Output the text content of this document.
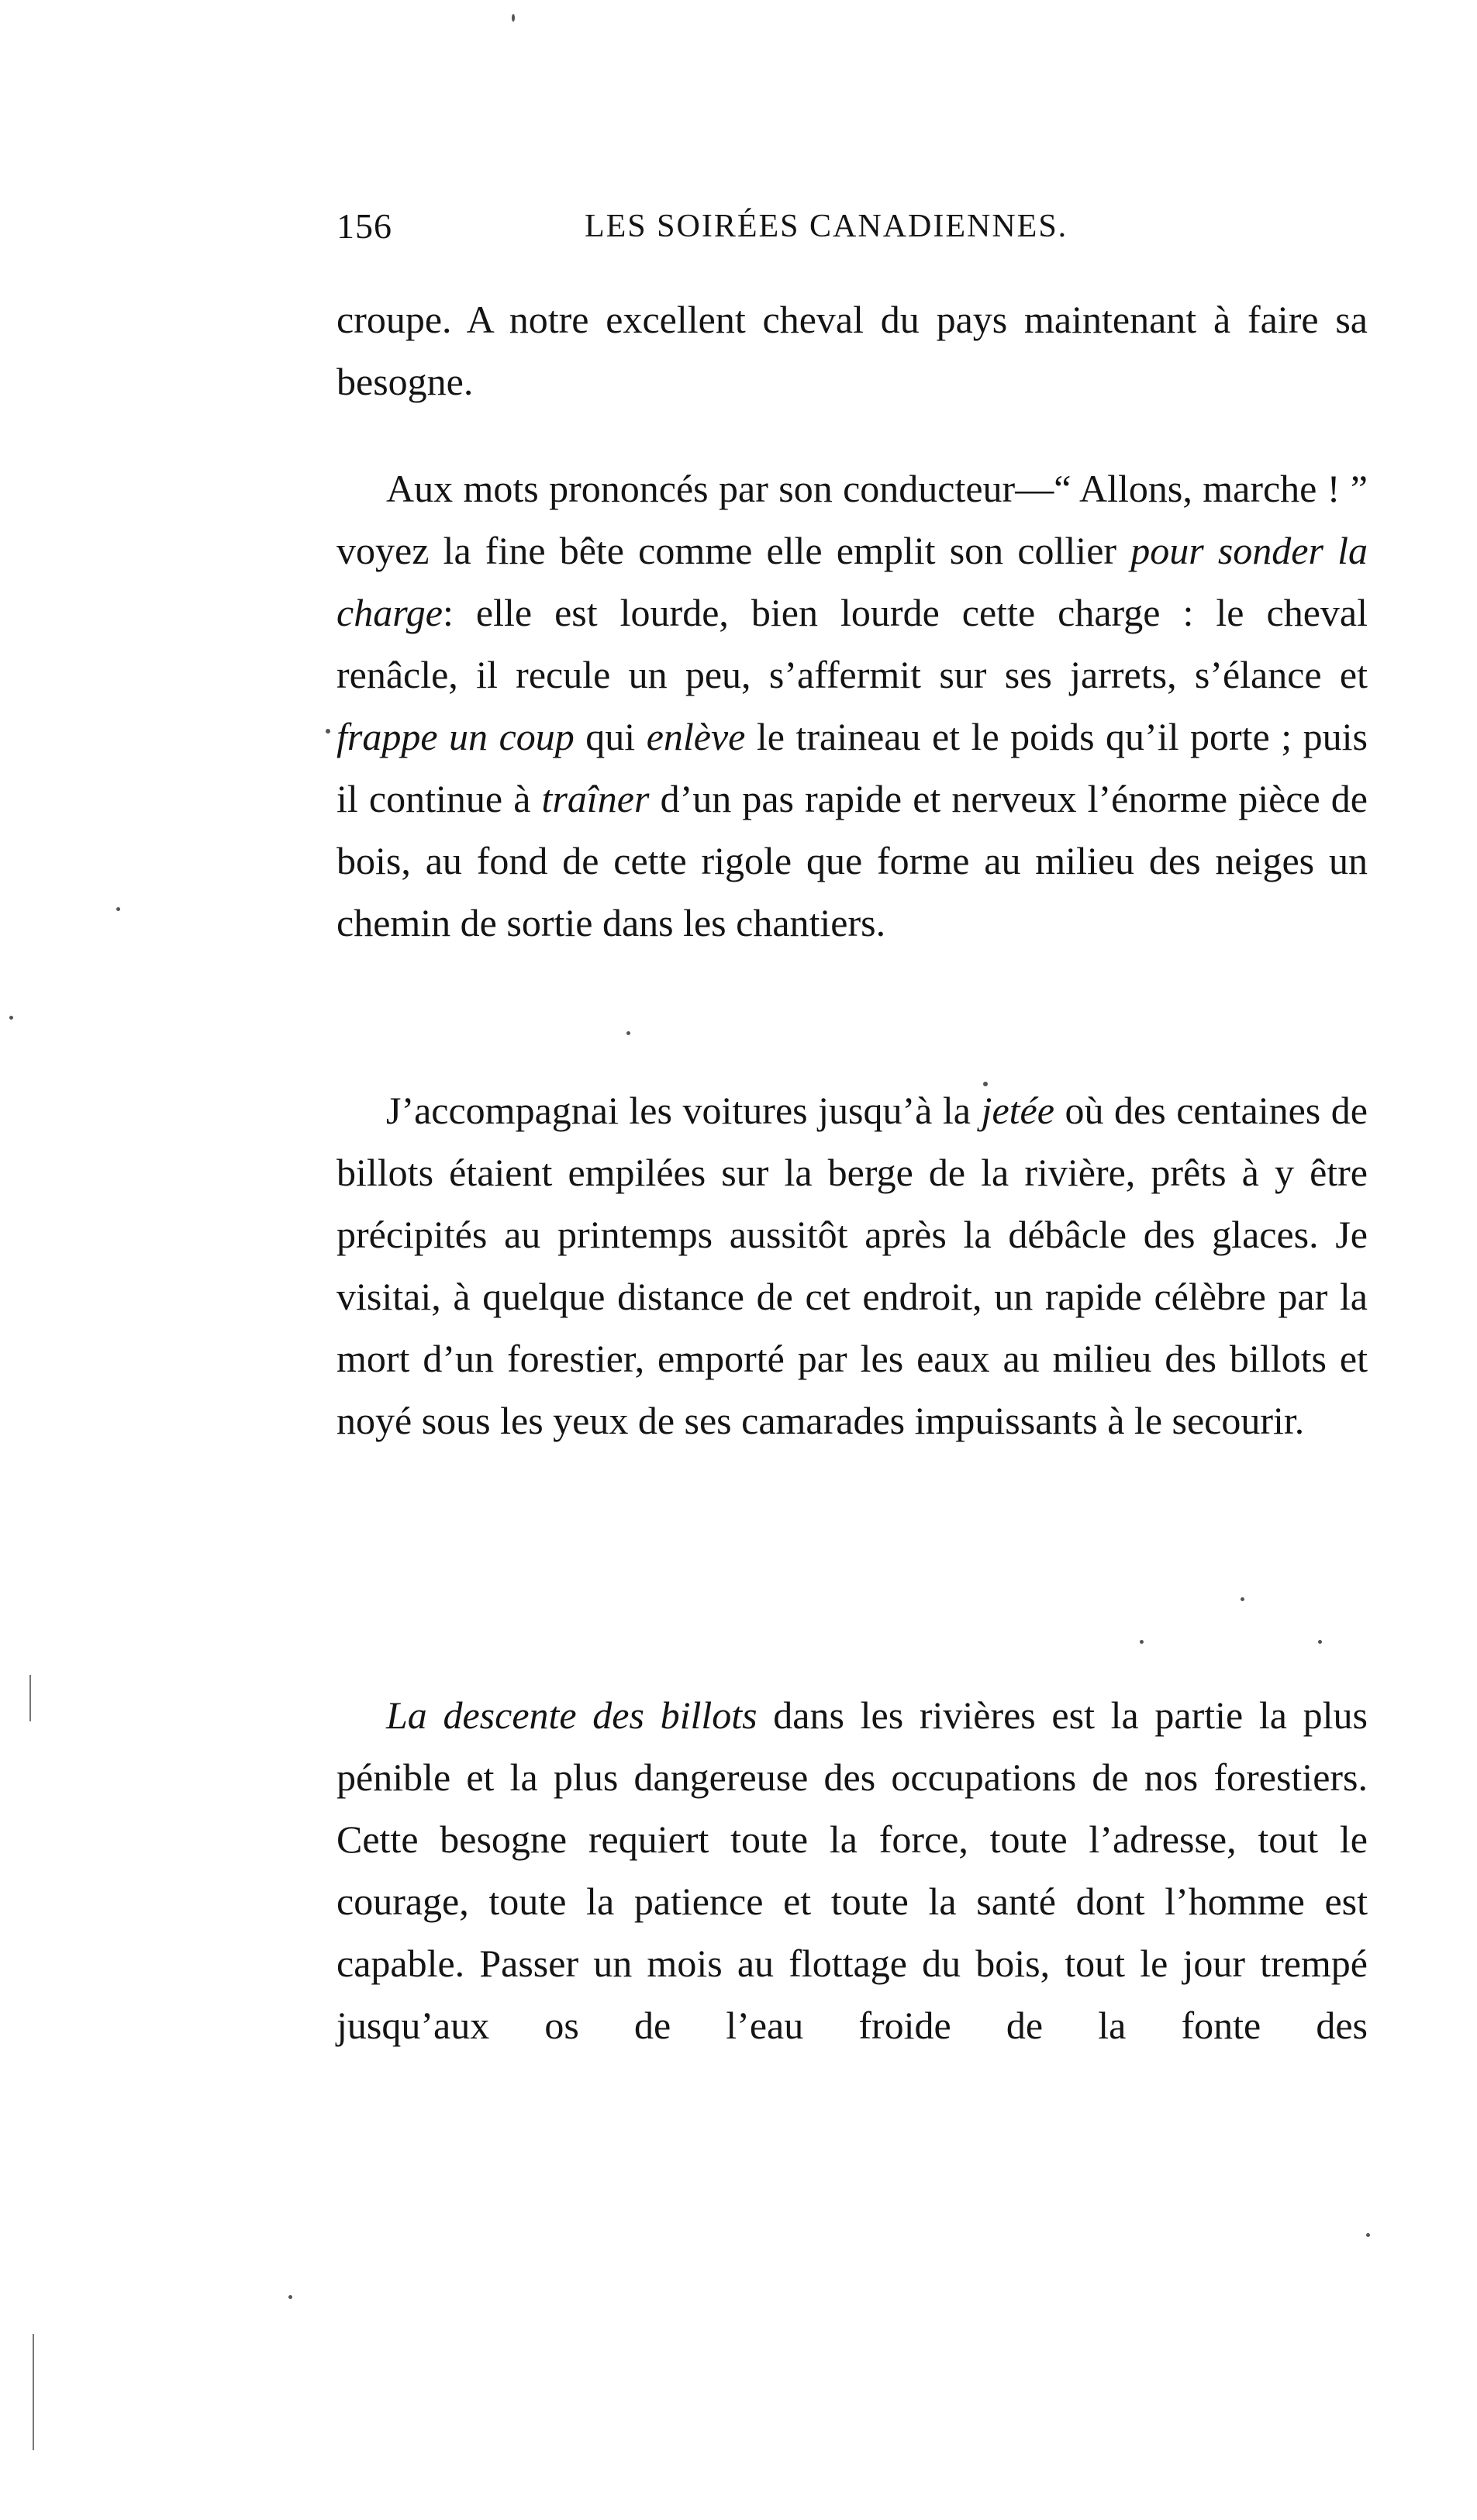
156	LES SOIRÉES CANADIENNES.

croupe. A notre excellent cheval du pays maintenant à faire sa besogne.

Aux mots prononcés par son conducteur—“ Allons, marche ! ” voyez la fine bête comme elle emplit son collier pour sonder la charge: elle est lourde, bien lourde cette charge : le cheval renâcle, il recule un peu, s’affermit sur ses jarrets, s’élance et frappe un coup qui enlève le traineau et le poids qu’il porte ; puis il continue à traîner d’un pas rapide et nerveux l’énorme pièce de bois, au fond de cette rigole que forme au milieu des neiges un chemin de sortie dans les chantiers.

J’accompagnai les voitures jusqu’à la jetée où des centaines de billots étaient empilées sur la berge de la rivière, prêts à y être précipités au printemps aussitôt après la débâcle des glaces. Je visitai, à quelque distance de cet endroit, un rapide célèbre par la mort d’un forestier, emporté par les eaux au milieu des billots et noyé sous les yeux de ses camarades impuissants à le secourir.

La descente des billots dans les rivières est la partie la plus pénible et la plus dangereuse des occupations de nos forestiers. Cette besogne requiert toute la force, toute l’adresse, tout le courage, toute la patience et toute la santé dont l’homme est capable. Passer un mois au flottage du bois, tout le jour trempé jusqu’aux os de l’eau froide de la fonte des
